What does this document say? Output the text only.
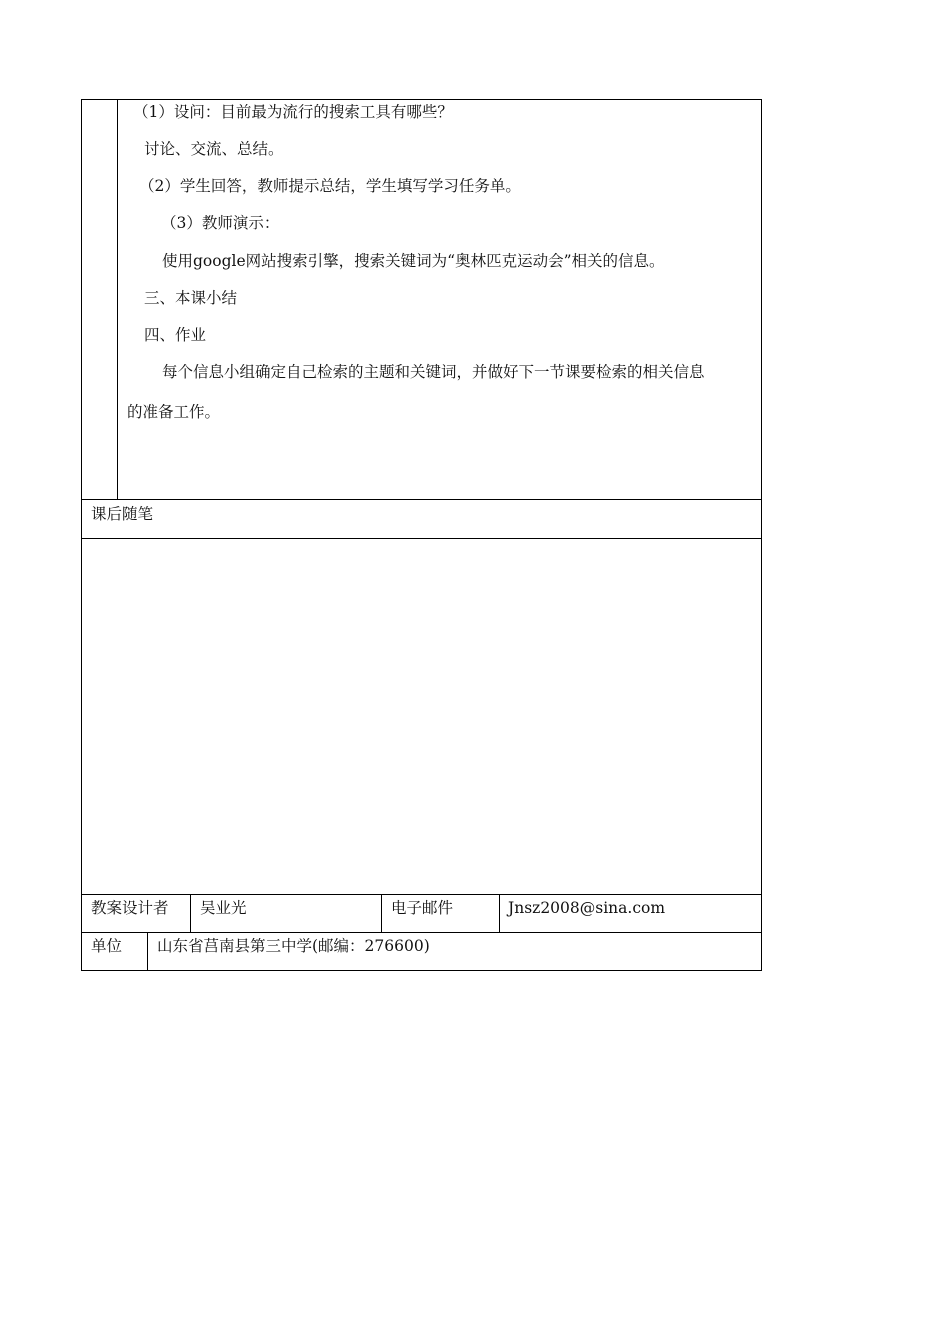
（1）设问：目前最为流行的搜索工具有哪些？
讨论、交流、总结。
（2）学生回答，教师提示总结，学生填写学习任务单。
（3）教师演示：
使用google网站搜索引擎，搜索关键词为“奥林匹克运动会”相关的信息。
三、本课小结
四、作业
每个信息小组确定自己检索的主题和关键词，并做好下一节课要检索的相关信息
的准备工作。
课后随笔
教案设计者 吴业光	电子邮件	Jnsz2008@sina.com
单位 山东省莒南县第三中学(邮编：276600)
